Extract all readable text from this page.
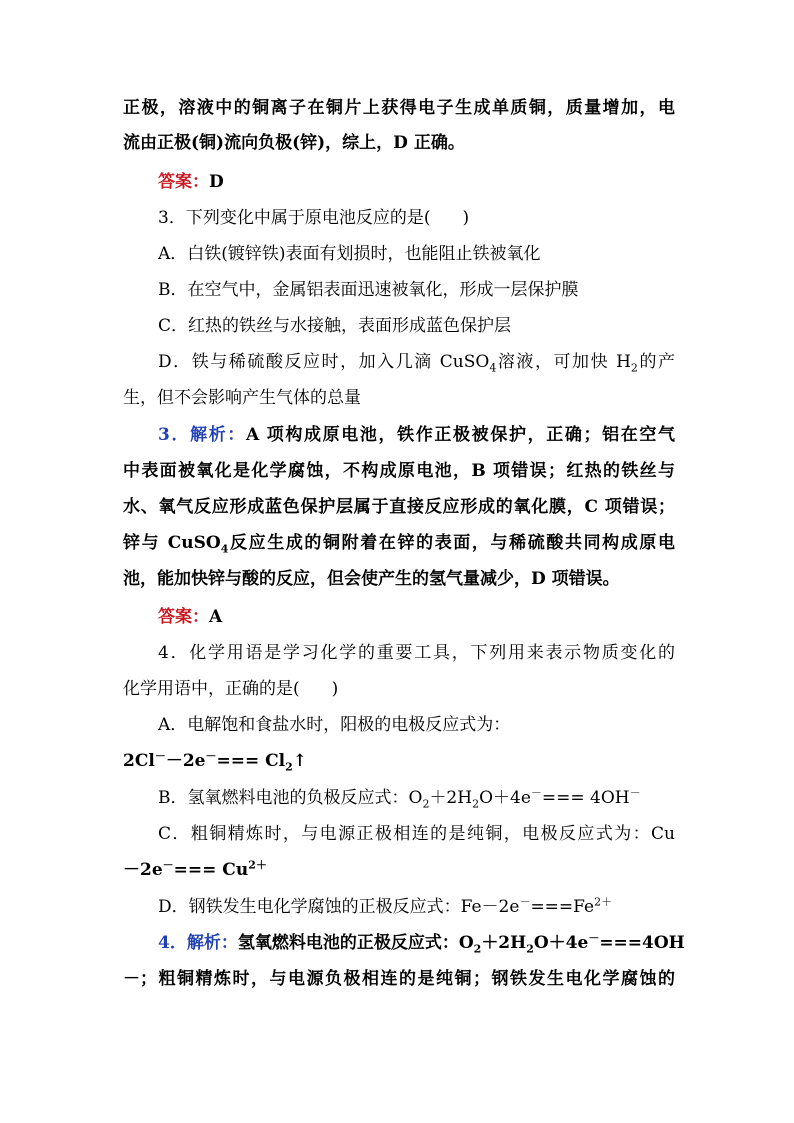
正极，溶液中的铜离子在铜片上获得电子生成单质铜，质量增加，电
流由正极(铜)流向负极(锌)，综上，D 正确。
答案：D
3．下列变化中属于原电池反应的是( )
A．白铁(镀锌铁)表面有划损时，也能阻止铁被氧化
B．在空气中，金属铝表面迅速被氧化，形成一层保护膜
C．红热的铁丝与水接触，表面形成蓝色保护层
D．铁与稀硫酸反应时，加入几滴 CuSO$_4$溶液，可加快 $H_2$的产
生，但不会影响产生气体的总量
3．解析：A 项构成原电池，铁作正极被保护，正确；铝在空气
中表面被氧化是化学腐蚀，不构成原电池，B 项错误；红热的铁丝与
水、氧气反应形成蓝色保护层属于直接反应形成的氧化膜，C 项错误；
锌与 CuSO$_4$反应生成的铜附着在锌的表面，与稀硫酸共同构成原电
池，能加快锌与酸的反应，但会使产生的氢气量减少，D 项错误。
答案：A
4．化学用语是学习化学的重要工具，下列用来表示物质变化的
化学用语中，正确的是( )
A．电解饱和食盐水时，阳极的电极反应式为：
$2Cl^--2e^-=== Cl_2↑$
B．氢氧燃料电池的负极反应式：$O_2+2H_2O+4e^-=== 4OH^-$
C．粗铜精炼时，与电源正极相连的是纯铜，电极反应式为：Cu
$-2e^-=== Cu^{2+}$
D．钢铁发生电化学腐蚀的正极反应式：$Fe-2e^-===Fe^{2+}$
4．解析：氢氧燃料电池的正极反应式：$O_2+2H_2O+4e^-===4OH$
－；粗铜精炼时，与电源负极相连的是纯铜；钢铁发生电化学腐蚀的
